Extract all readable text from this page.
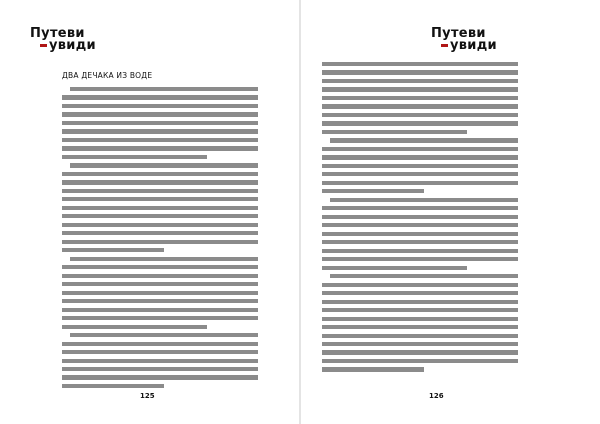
Путеви
увиди
ДВА ДЕЧАКА ИЗ ВОДЕ
125
Путеви
увиди
126
